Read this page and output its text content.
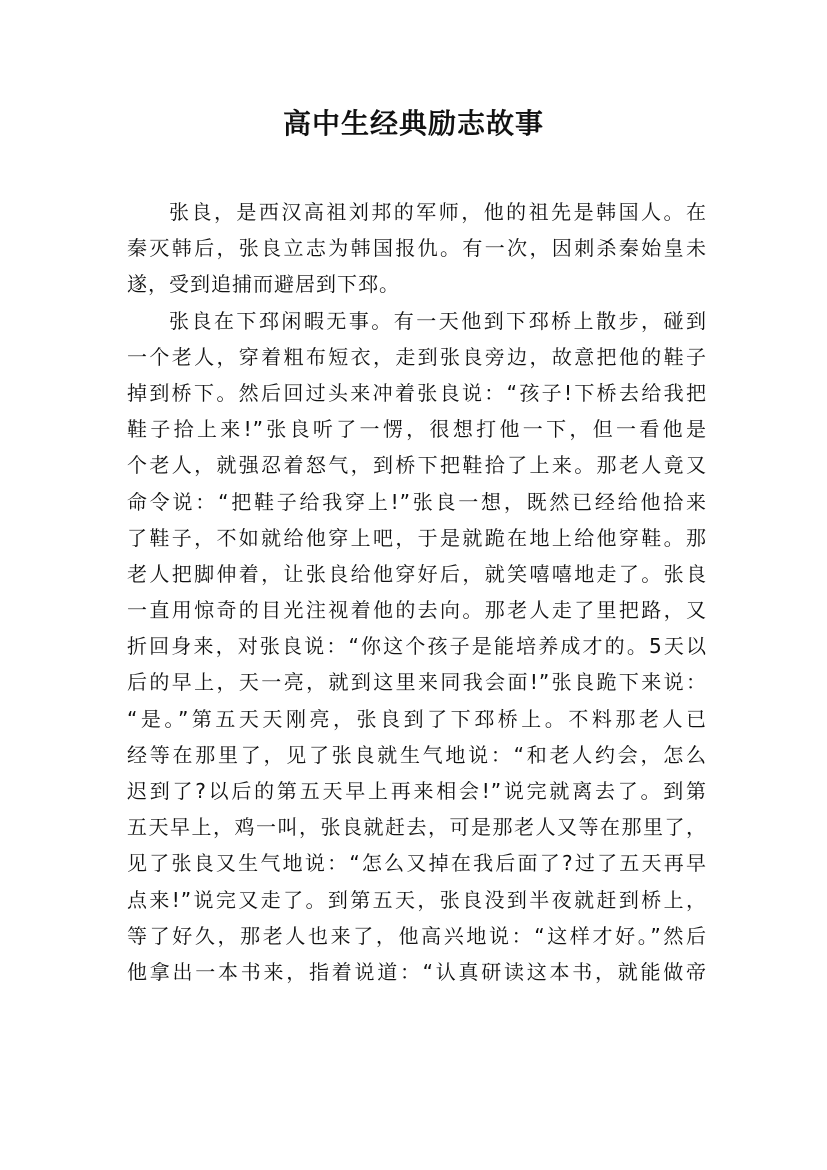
高中生经典励志故事
张良，是西汉高祖刘邦的军师，他的祖先是韩国人。在
秦灭韩后，张良立志为韩国报仇。有一次，因刺杀秦始皇未
遂，受到追捕而避居到下邳。
张良在下邳闲暇无事。有一天他到下邳桥上散步，碰到
一个老人，穿着粗布短衣，走到张良旁边，故意把他的鞋子
掉到桥下。然后回过头来冲着张良说：“孩子!下桥去给我把
鞋子拾上来!”张良听了一愣，很想打他一下，但一看他是
个老人，就强忍着怒气，到桥下把鞋拾了上来。那老人竟又
命令说：“把鞋子给我穿上!”张良一想，既然已经给他拾来
了鞋子，不如就给他穿上吧，于是就跪在地上给他穿鞋。那
老人把脚伸着，让张良给他穿好后，就笑嘻嘻地走了。张良
一直用惊奇的目光注视着他的去向。那老人走了里把路，又
折回身来，对张良说：“你这个孩子是能培养成才的。5天以
后的早上，天一亮，就到这里来同我会面!”张良跪下来说：
“是。”第五天天刚亮，张良到了下邳桥上。不料那老人已
经等在那里了，见了张良就生气地说：“和老人约会，怎么
迟到了?以后的第五天早上再来相会!”说完就离去了。到第
五天早上，鸡一叫，张良就赶去，可是那老人又等在那里了，
见了张良又生气地说：“怎么又掉在我后面了?过了五天再早
点来!”说完又走了。到第五天，张良没到半夜就赶到桥上，
等了好久，那老人也来了，他高兴地说：“这样才好。”然后
他拿出一本书来，指着说道：“认真研读这本书，就能做帝
